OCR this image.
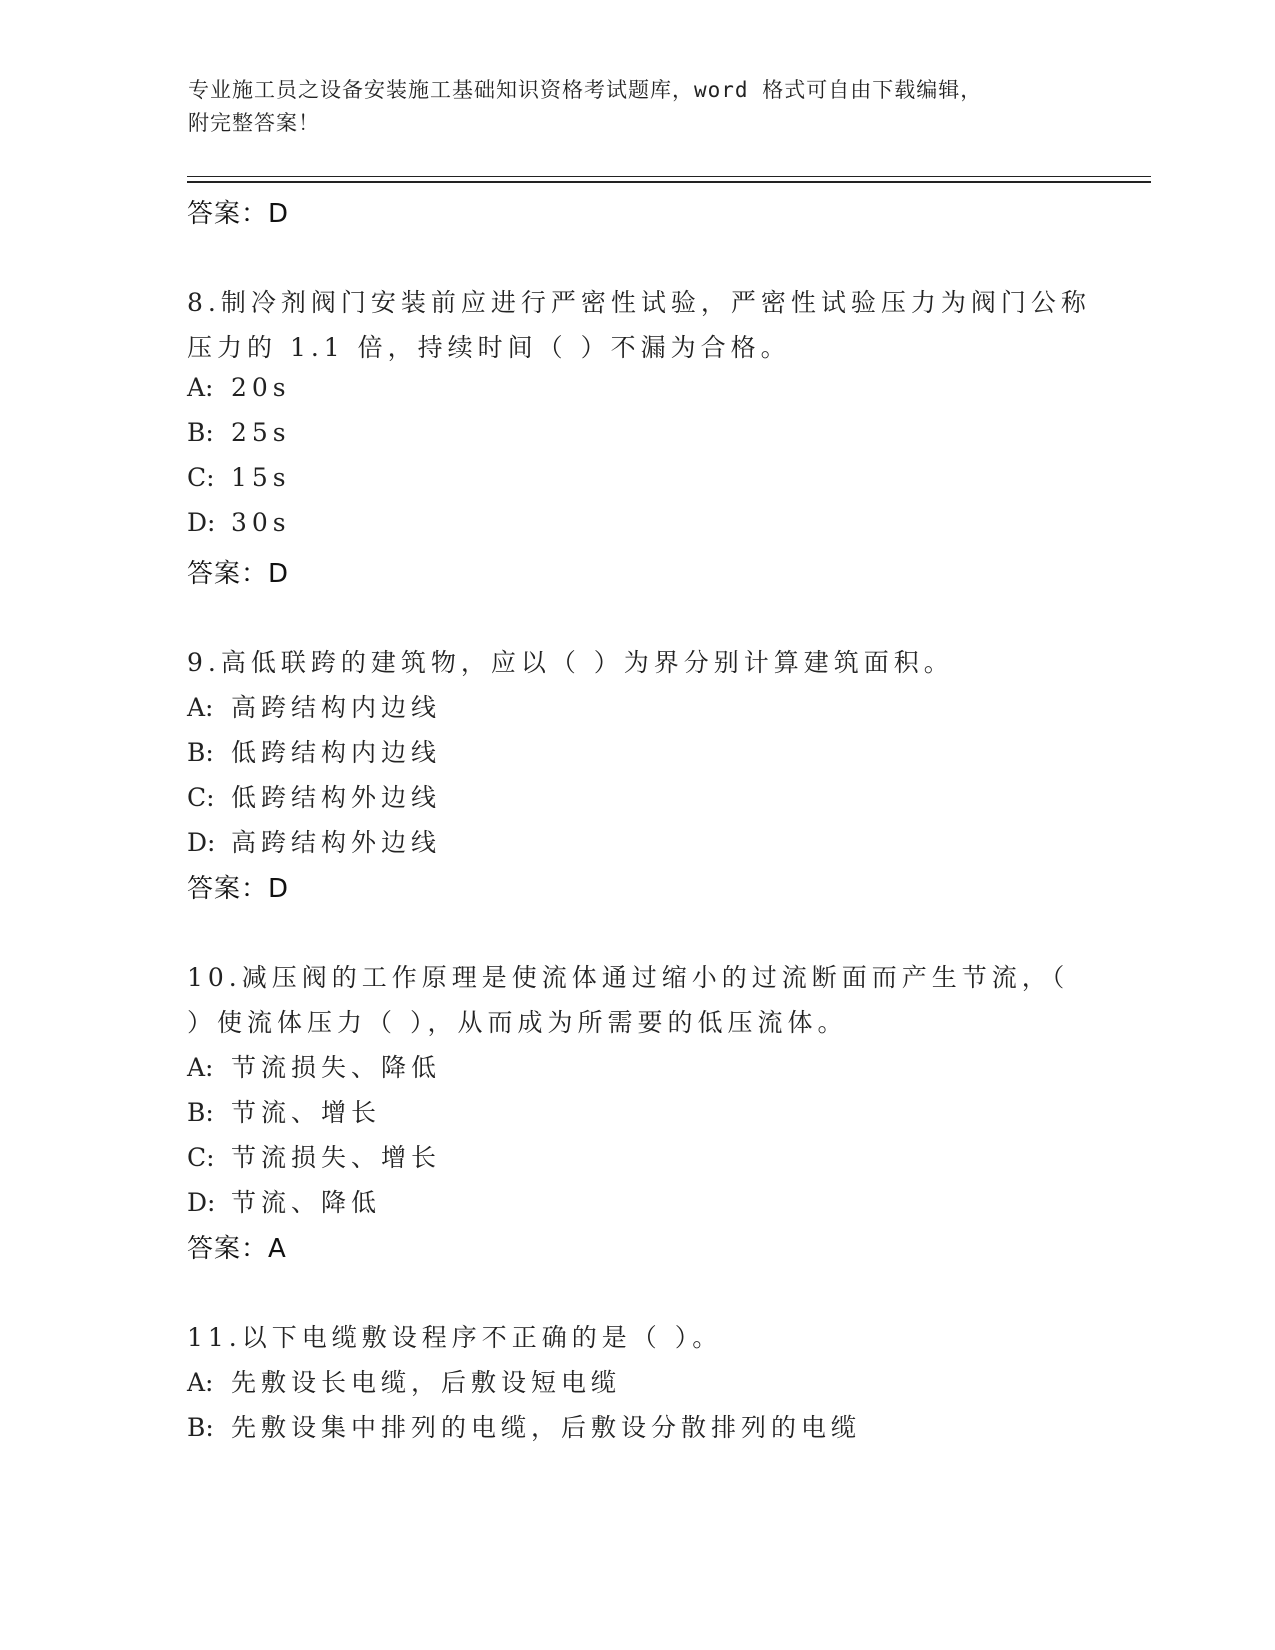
专业施工员之设备安装施工基础知识资格考试题库，word 格式可自由下载编辑，
附完整答案！
答案：D
8.制冷剂阀门安装前应进行严密性试验，严密性试验压力为阀门公称
压力的 1.1 倍，持续时间（ ）不漏为合格。
A: 20s
B: 25s
C: 15s
D: 30s
答案：D
9.高低联跨的建筑物，应以（ ）为界分别计算建筑面积。
A: 高跨结构内边线
B: 低跨结构内边线
C: 低跨结构外边线
D: 高跨结构外边线
答案：D
10.减压阀的工作原理是使流体通过缩小的过流断面而产生节流，（
）使流体压力（ ），从而成为所需要的低压流体。
A: 节流损失、降低
B: 节流、增长
C: 节流损失、增长
D: 节流、降低
答案：A
11.以下电缆敷设程序不正确的是（ ）。
A: 先敷设长电缆，后敷设短电缆
B: 先敷设集中排列的电缆，后敷设分散排列的电缆
